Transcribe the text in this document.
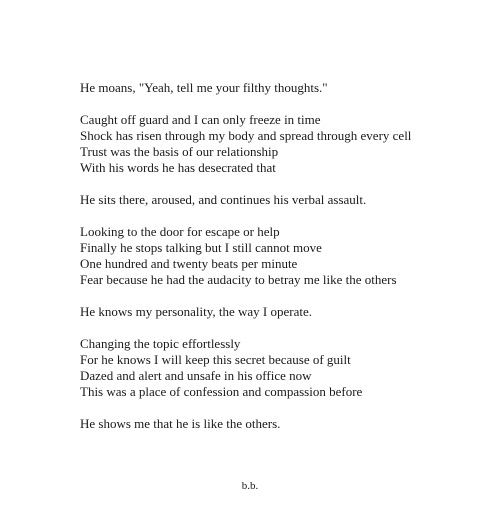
He moans, "Yeah, tell me your filthy thoughts."
Caught off guard and I can only freeze in time
Shock has risen through my body and spread through every cell
Trust was the basis of our relationship
With his words he has desecrated that
He sits there, aroused, and continues his verbal assault.
Looking to the door for escape or help
Finally he stops talking but I still cannot move
One hundred and twenty beats per minute
Fear because he had the audacity to betray me like the others
He knows my personality, the way I operate.
Changing the topic effortlessly
For he knows I will keep this secret because of guilt
Dazed and alert and unsafe in his office now
This was a place of confession and compassion before
He shows me that he is like the others.
b.b.
